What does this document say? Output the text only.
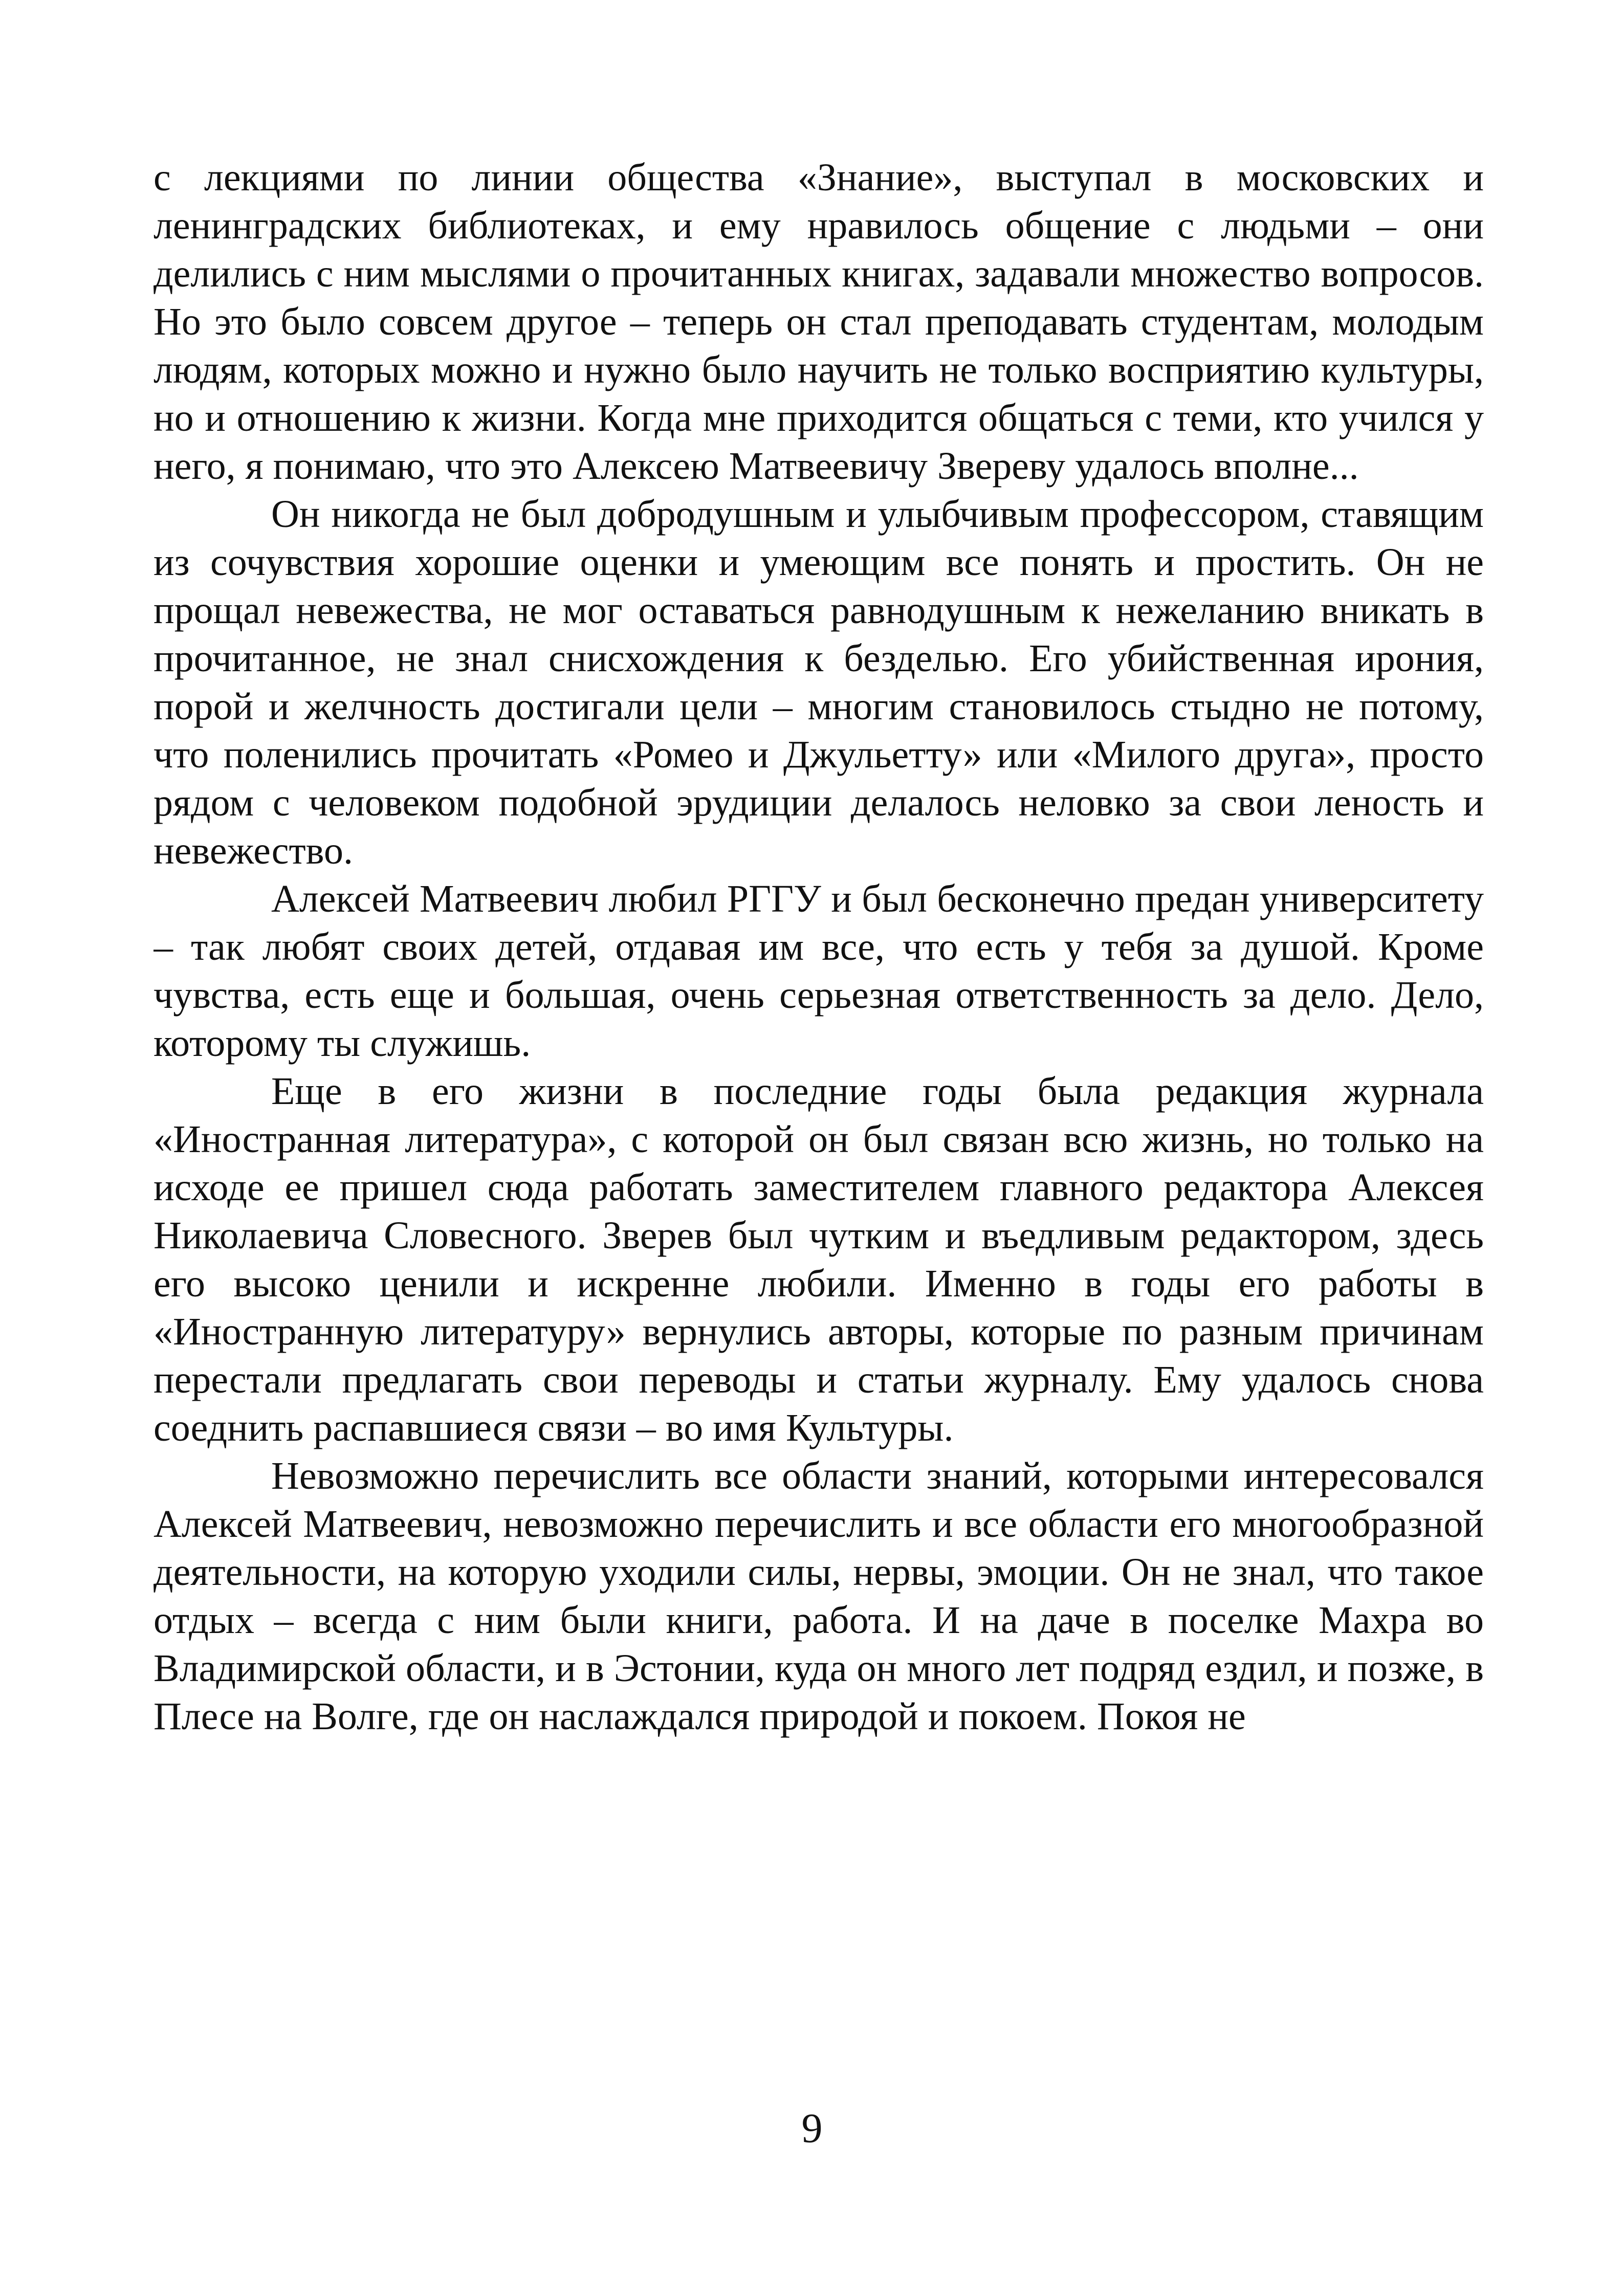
с лекциями по линии общества «Знание», выступал в московских и ленинградских библиотеках, и ему нравилось общение с людьми – они делились с ним мыслями о прочитанных книгах, задавали множество вопросов. Но это было совсем другое – теперь он стал преподавать студентам, молодым людям, которых можно и нужно было научить не только восприятию культуры, но и отношению к жизни. Когда мне приходится общаться с теми, кто учился у него, я понимаю, что это Алексею Матвеевичу Звереву удалось вполне...

Он никогда не был добродушным и улыбчивым профессором, ставящим из сочувствия хорошие оценки и умеющим все понять и простить. Он не прощал невежества, не мог оставаться равнодушным к нежеланию вникать в прочитанное, не знал снисхождения к безделью. Его убийственная ирония, порой и желчность достигали цели – многим становилось стыдно не потому, что поленились прочитать «Ромео и Джульетту» или «Милого друга», просто рядом с человеком подобной эрудиции делалось неловко за свои леность и невежество.

Алексей Матвеевич любил РГГУ и был бесконечно предан университету – так любят своих детей, отдавая им все, что есть у тебя за душой. Кроме чувства, есть еще и большая, очень серьезная ответственность за дело. Дело, которому ты служишь.

Еще в его жизни в последние годы была редакция журнала «Иностранная литература», с которой он был связан всю жизнь, но только на исходе ее пришел сюда работать заместителем главного редактора Алексея Николаевича Словесного. Зверев был чутким и въедливым редактором, здесь его высоко ценили и искренне любили. Именно в годы его работы в «Иностранную литературу» вернулись авторы, которые по разным причинам перестали предлагать свои переводы и статьи журналу. Ему удалось снова соеднить распавшиеся связи – во имя Культуры.

Невозможно перечислить все области знаний, которыми интересовался Алексей Матвеевич, невозможно перечислить и все области его многообразной деятельности, на которую уходили силы, нервы, эмоции. Он не знал, что такое отдых – всегда с ним были книги, работа. И на даче в поселке Махра во Владимирской области, и в Эстонии, куда он много лет подряд ездил, и позже, в Плесе на Волге, где он наслаждался природой и покоем. Покоя не

9
